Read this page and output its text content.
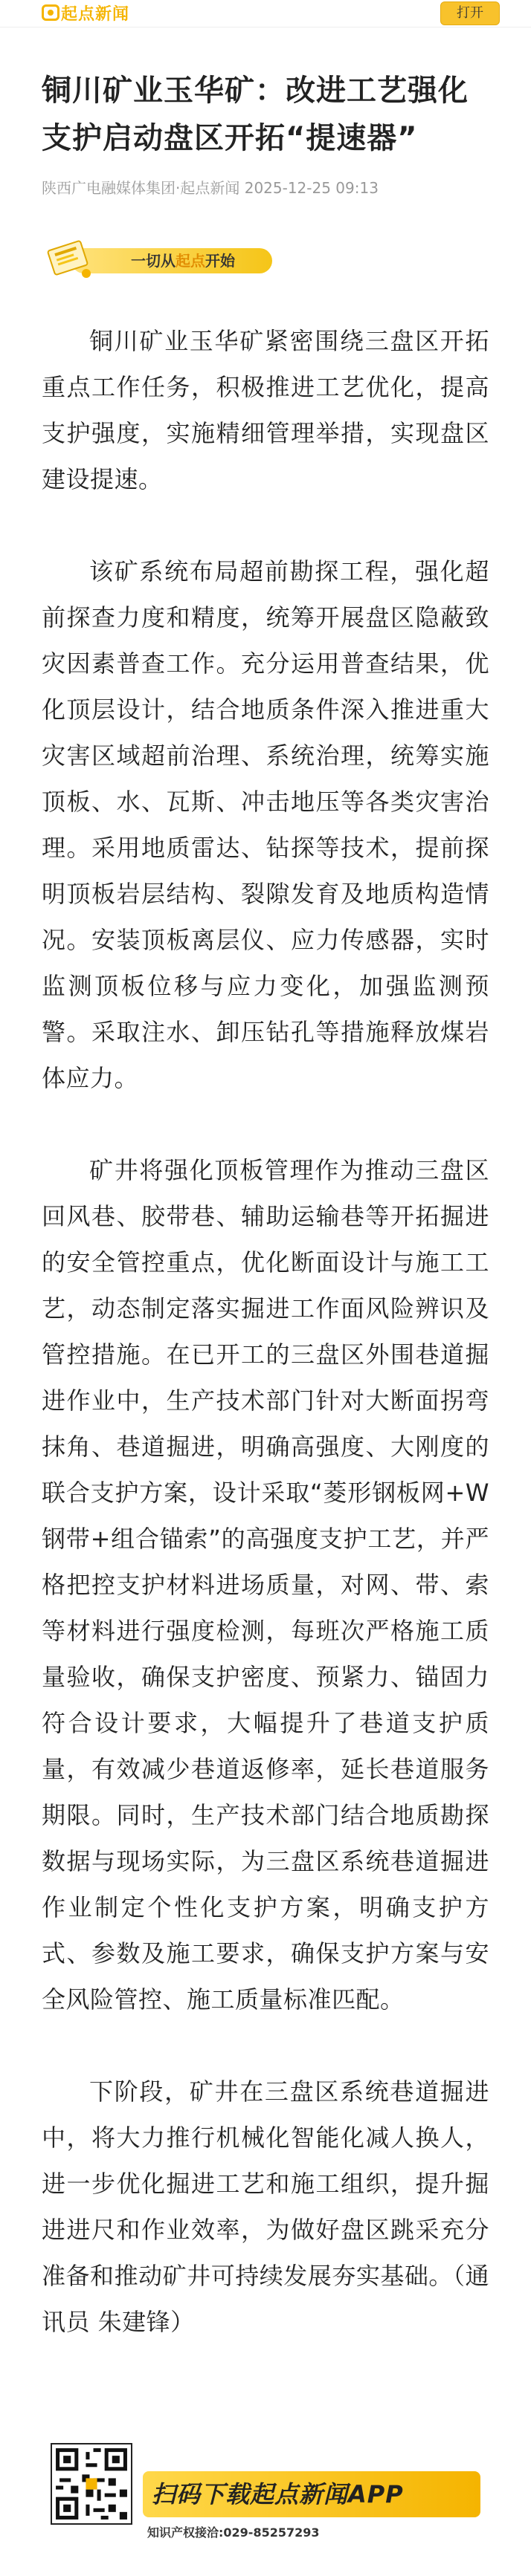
起点新闻	打开
铜川矿业玉华矿：改进工艺强化支护启动盘区开拓“提速器”
陕西广电融媒体集团·起点新闻 2025-12-25 09:13
一切从起点开始

铜川矿业玉华矿紧密围绕三盘区开拓重点工作任务，积极推进工艺优化，提高支护强度，实施精细管理举措，实现盘区建设提速。

该矿系统布局超前勘探工程，强化超前探查力度和精度，统筹开展盘区隐蔽致灾因素普查工作。充分运用普查结果，优化顶层设计，结合地质条件深入推进重大灾害区域超前治理、系统治理，统筹实施顶板、水、瓦斯、冲击地压等各类灾害治理。采用地质雷达、钻探等技术，提前探明顶板岩层结构、裂隙发育及地质构造情况。安装顶板离层仪、应力传感器，实时监测顶板位移与应力变化，加强监测预警。采取注水、卸压钻孔等措施释放煤岩体应力。

矿井将强化顶板管理作为推动三盘区回风巷、胶带巷、辅助运输巷等开拓掘进的安全管控重点，优化断面设计与施工工艺，动态制定落实掘进工作面风险辨识及管控措施。在已开工的三盘区外围巷道掘进作业中，生产技术部门针对大断面拐弯抹角、巷道掘进，明确高强度、大刚度的联合支护方案，设计采取“菱形钢板网+W钢带+组合锚索”的高强度支护工艺，并严格把控支护材料进场质量，对网、带、索等材料进行强度检测，每班次严格施工质量验收，确保支护密度、预紧力、锚固力符合设计要求，大幅提升了巷道支护质量，有效减少巷道返修率，延长巷道服务期限。同时，生产技术部门结合地质勘探数据与现场实际，为三盘区系统巷道掘进作业制定个性化支护方案，明确支护方式、参数及施工要求，确保支护方案与安全风险管控、施工质量标准匹配。

下阶段，矿井在三盘区系统巷道掘进中，将大力推行机械化智能化减人换人，进一步优化掘进工艺和施工组织，提升掘进进尺和作业效率，为做好盘区跳采充分准备和推动矿井可持续发展夯实基础。（通讯员 朱建锋）

扫码下载起点新闻APP
知识产权接洽:029-85257293
